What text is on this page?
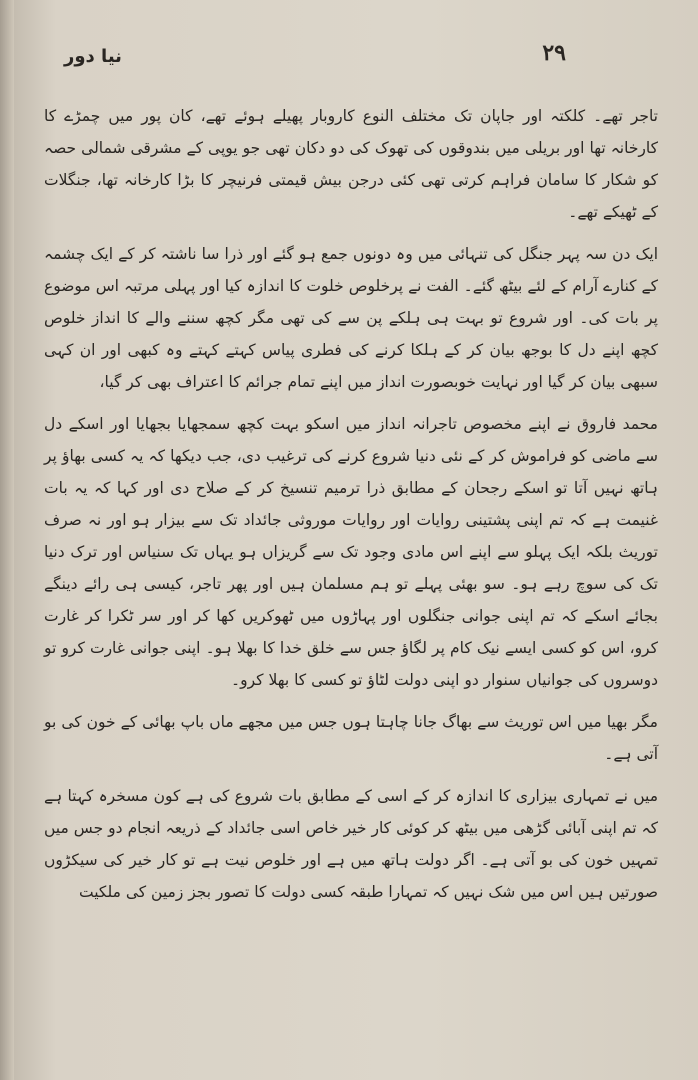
نیا دور	۲۹

تاجر تھے۔ کلکتہ اور جاپان تک مختلف النوع کاروبار پھیلے ہوئے تھے، کان پور میں چمڑے کا کارخانہ تھا اور بریلی میں بندوقوں کی تھوک کی دو دکان تھی جو یوپی کے مشرقی شمالی حصہ کو شکار کا سامان فراہم کرتی تھی کئی درجن بیش قیمتی فرنیچر کا بڑا کارخانہ تھا، جنگلات کے ٹھیکے تھے۔

ایک دن سہ پہر جنگل کی تنہائی میں وہ دونوں جمع ہو گئے اور ذرا سا ناشتہ کر کے ایک چشمہ کے کنارے آرام کے لئے بیٹھ گئے۔ الفت نے پرخلوص خلوت کا اندازہ کیا اور پہلی مرتبہ اس موضوع پر بات کی۔ اور شروع تو بہت ہی ہلکے پن سے کی تھی مگر کچھ سننے والے کا انداز خلوص کچھ اپنے دل کا بوجھ بیان کر کے ہلکا کرنے کی فطری پیاس کہتے کہتے وہ کبھی اور ان کہی سبھی بیان کر گیا اور نہایت خوبصورت انداز میں اپنے تمام جرائم کا اعتراف بھی کر گیا،

محمد فاروق نے اپنے مخصوص تاجرانہ انداز میں اسکو بہت کچھ سمجھایا بجھایا اور اسکے دل سے ماضی کو فراموش کر کے نئی دنیا شروع کرنے کی ترغیب دی، جب دیکھا کہ یہ کسی بھاؤ پر ہاتھ نہیں آتا تو اسکے رجحان کے مطابق ذرا ترمیم تنسیخ کر کے صلاح دی اور کہا کہ یہ بات غنیمت ہے کہ تم اپنی پشتینی روایات اور روایات موروثی جائداد تک سے بیزار ہو اور نہ صرف توریث بلکہ ایک پہلو سے اپنے اس مادی وجود تک سے گریزاں ہو یہاں تک سنیاس اور ترک دنیا تک کی سوچ رہے ہو۔ سو بھئی پہلے تو ہم مسلمان ہیں اور پھر تاجر، کیسی ہی رائے دینگے بجائے اسکے کہ تم اپنی جوانی جنگلوں اور پہاڑوں میں ٹھوکریں کھا کر اور سر ٹکرا کر غارت کرو، اس کو کسی ایسے نیک کام پر لگاؤ جس سے خلق خدا کا بھلا ہو۔ اپنی جوانی غارت کرو تو دوسروں کی جوانیاں سنوار دو اپنی دولت لٹاؤ تو کسی کا بھلا کرو۔

مگر بھیا میں اس توریث سے بھاگ جانا چاہتا ہوں جس میں مجھے ماں باپ بھائی کے خون کی بو آتی ہے۔

میں نے تمہاری بیزاری کا اندازہ کر کے اسی کے مطابق بات شروع کی ہے کون مسخرہ کہتا ہے کہ تم اپنی آبائی گڑھی میں بیٹھ کر کوئی کار خیر خاص اسی جائداد کے ذریعہ انجام دو جس میں تمہیں خون کی بو آتی ہے۔ اگر دولت ہاتھ میں ہے اور خلوص نیت ہے تو کار خیر کی سیکڑوں صورتیں ہیں اس میں شک نہیں کہ تمہارا طبقہ کسی دولت کا تصور بجز زمین کی ملکیت
